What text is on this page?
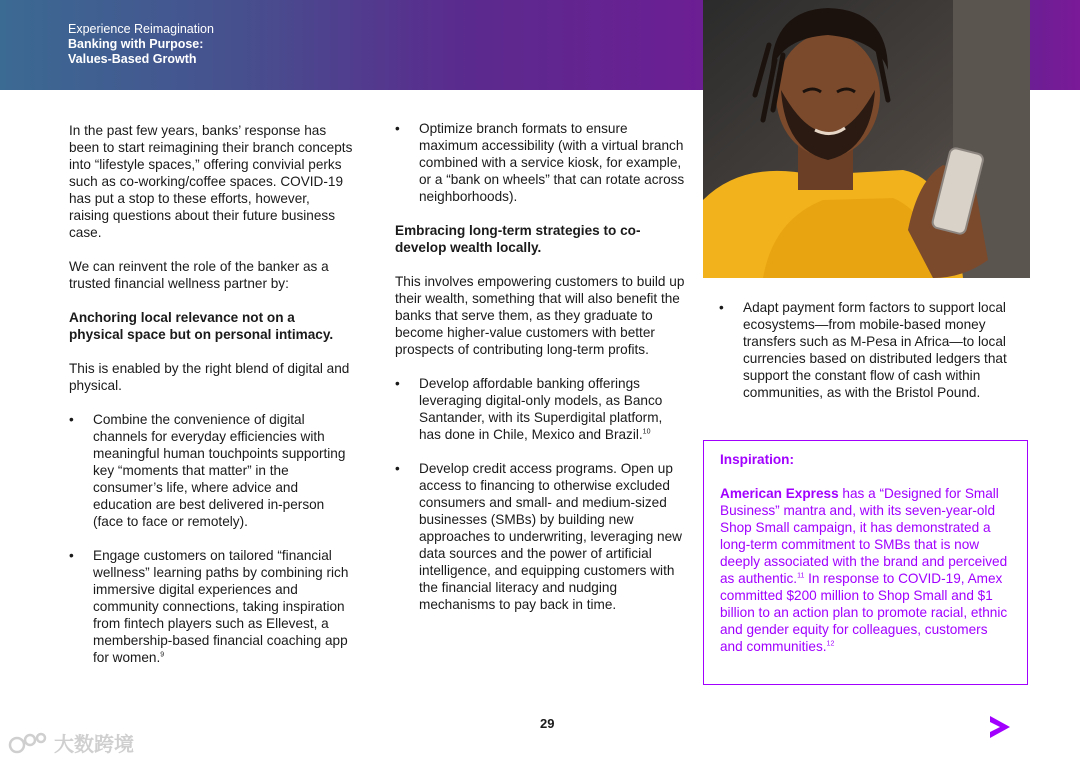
Experience Reimagination
Banking with Purpose:
Values-Based Growth

In the past few years, banks’ response has been to start reimagining their branch concepts into “lifestyle spaces,” offering convivial perks such as co-working/coffee spaces. COVID-19 has put a stop to these efforts, however, raising questions about their future business case.

We can reinvent the role of the banker as a trusted financial wellness partner by:

Anchoring local relevance not on a physical space but on personal intimacy.

This is enabled by the right blend of digital and physical.

• Combine the convenience of digital channels for everyday efficiencies with meaningful human touchpoints supporting key “moments that matter” in the consumer’s life, where advice and education are best delivered in-person (face to face or remotely).
• Engage customers on tailored “financial wellness” learning paths by combining rich immersive digital experiences and community connections, taking inspiration from fintech players such as Ellevest, a membership-based financial coaching app for women.$^9$
• Optimize branch formats to ensure maximum accessibility (with a virtual branch combined with a service kiosk, for example, or a “bank on wheels” that can rotate across neighborhoods).

Embracing long-term strategies to co-develop wealth locally.

This involves empowering customers to build up their wealth, something that will also benefit the banks that serve them, as they graduate to become higher-value customers with better prospects of contributing long-term profits.

• Develop affordable banking offerings leveraging digital-only models, as Banco Santander, with its Superdigital platform, has done in Chile, Mexico and Brazil.$^{10}$
• Develop credit access programs. Open up access to financing to otherwise excluded consumers and small- and medium-sized businesses (SMBs) by building new approaches to underwriting, leveraging new data sources and the power of artificial intelligence, and equipping customers with the financial literacy and nudging mechanisms to pay back in time.
• Adapt payment form factors to support local ecosystems—from mobile-based money transfers such as M-Pesa in Africa—to local currencies based on distributed ledgers that support the constant flow of cash within communities, as with the Bristol Pound.
Inspiration:
American Express has a “Designed for Small Business” mantra and, with its seven-year-old Shop Small campaign, it has demonstrated a long-term commitment to SMBs that is now deeply associated with the brand and perceived as authentic.$^{11}$ In response to COVID-19, Amex committed $200 million to Shop Small and $1 billion to an action plan to promote racial, ethnic and gender equity for colleagues, customers and communities.$^{12}$
29
大数跨境
